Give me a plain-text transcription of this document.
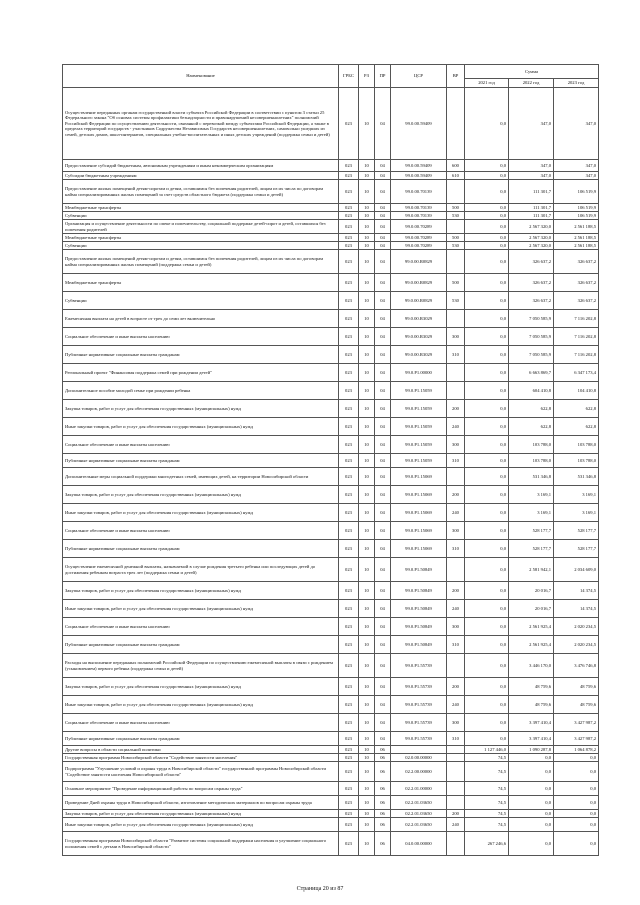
Наименование	ГРБС	РЗ	ПР	ЦСР	ВР	Сумма		
						2021 год	2022 год	2023 год
Осуществление переданных органам государственной власти субъекта Российской Федерации в соответствии с пунктом 3 статьи 25 Федерального закона "Об основах системы профилактики безнадзорности и правонарушений несовершеннолетних" полномочий Российской Федерации по осуществлению деятельности, связанной с перевозкой между субъектами Российской Федерации, а также в пределах территорий государств - участников Содружества Независимых Государств несовершеннолетних, самовольно ушедших из семей, детских домов, школ-интернатов, специальных учебно-воспитательных и иных детских учреждений (поддержка семьи и детей)	023	10	04	99.0.00.59409		0,0	347,0	347,0
Предоставление субсидий бюджетным, автономным учреждениям и иным некоммерческим организациям	023	10	04	99.0.00.59409	600	0,0	347,0	347,0
Субсидии бюджетным учреждениям	023	10	04	99.0.00.59409	610	0,0	347,0	347,0
Предоставление жилых помещений детям-сиротам и детям, оставшимся без попечения родителей, лицам из их числа по договорам найма специализированных жилых помещений за счет средств областного бюджета (поддержка семьи и детей)	023	10	04	99.0.00.70139		0,0	111 301,7	106 519,9
Межбюджетные трансферты	023	10	04	99.0.00.70139	500	0,0	111 301,7	106 519,9
Субвенции	023	10	04	99.0.00.70139	530	0,0	111 301,7	106 519,9
Организация и осуществление деятельности по опеке и попечительству, социальной поддержке детей-сирот и детей, оставшихся без попечения родителей	023	10	04	99.0.00.70289		0,0	2 567 320,0	2 561 188,5
Межбюджетные трансферты	023	10	04	99.0.00.70289	500	0,0	2 567 320,0	2 561 188,5
Субвенции	023	10	04	99.0.00.70289	530	0,0	2 567 320,0	2 561 188,5
Предоставление жилых помещений детям-сиротам и детям, оставшимся без попечения родителей, лицам из их числа по договорам найма специализированных жилых помещений (поддержка семьи и детей)	023	10	04	99.0.00.R0829		0,0	326 637,2	326 637,2
Межбюджетные трансферты	023	10	04	99.0.00.R0829	500	0,0	326 637,2	326 637,2
Субвенции	023	10	04	99.0.00.R0829	530	0,0	326 637,2	326 637,2
Ежемесячная выплата на детей в возрасте от трех до семи лет включительно	023	10	04	99.0.00.R3029		0,0	7 050 585,9	7 116 202,8
Социальное обеспечение и иные выплаты населению	023	10	04	99.0.00.R3029	300	0,0	7 050 585,9	7 116 202,8
Публичные нормативные социальные выплаты гражданам	023	10	04	99.0.00.R3029	310	0,0	7 050 585,9	7 116 202,8
Региональный проект "Финансовая поддержка семей при рождении детей"	023	10	04	99.0.P1.00000		0,0	6 663 869,7	6 347 173,4
Дополнительное пособие молодой семье при рождении ребенка	023	10	04	99.0.P1.15059		0,0	604 410,8	104 410,8
Закупка товаров, работ и услуг для обеспечения государственных (муниципальных) нужд	023	10	04	99.0.P1.15059	200	0,0	622,8	622,8
Иные закупки товаров, работ и услуг для обеспечения государственных (муниципальных) нужд	023	10	04	99.0.P1.15059	240	0,0	622,8	622,8
Социальное обеспечение и иные выплаты населению	023	10	04	99.0.P1.15059	300	0,0	103 788,0	103 788,0
Публичные нормативные социальные выплаты гражданам	023	10	04	99.0.P1.15059	310	0,0	103 788,0	103 788,0
Дополнительные меры социальной поддержки многодетных семей, имеющих детей, на территории Новосибирской области	023	10	04	99.0.P1.15069		0,0	531 346,8	531 346,8
Закупка товаров, работ и услуг для обеспечения государственных (муниципальных) нужд	023	10	04	99.0.P1.15069	200	0,0	3 169,1	3 169,1
Иные закупки товаров, работ и услуг для обеспечения государственных (муниципальных) нужд	023	10	04	99.0.P1.15069	240	0,0	3 169,1	3 169,1
Социальное обеспечение и иные выплаты населению	023	10	04	99.0.P1.15069	300	0,0	528 177,7	528 177,7
Публичные нормативные социальные выплаты гражданам	023	10	04	99.0.P1.15069	310	0,0	528 177,7	528 177,7
Осуществление ежемесячной денежной выплаты, назначаемой в случае рождения третьего ребенка или последующих детей до достижения ребенком возраста трех лет (поддержка семьи и детей)	023	10	04	99.0.P1.50849		0,0	2 581 942,1	2 034 609,0
Закупка товаров, работ и услуг для обеспечения государственных (муниципальных) нужд	023	10	04	99.0.P1.50849	200	0,0	20 016,7	14 374,5
Иные закупки товаров, работ и услуг для обеспечения государственных (муниципальных) нужд	023	10	04	99.0.P1.50849	240	0,0	20 016,7	14 374,5
Социальное обеспечение и иные выплаты населению	023	10	04	99.0.P1.50849	300	0,0	2 561 925,4	2 020 234,5
Публичные нормативные социальные выплаты гражданам	023	10	04	99.0.P1.50849	310	0,0	2 561 925,4	2 020 234,5
Расходы на выполнение переданных полномочий Российской Федерации по осуществлению ежемесячной выплаты в связи с рождением (усыновлением) первого ребенка (поддержка семьи и детей)	023	10	04	99.0.P1.55739		0,0	3 446 170,0	3 476 746,8
Закупка товаров, работ и услуг для обеспечения государственных (муниципальных) нужд	023	10	04	99.0.P1.55739	200	0,0	48 759,6	48 759,6
Иные закупки товаров, работ и услуг для обеспечения государственных (муниципальных) нужд	023	10	04	99.0.P1.55739	240	0,0	48 759,6	48 759,6
Социальное обеспечение и иные выплаты населению	023	10	04	99.0.P1.55739	300	0,0	3 397 410,4	3 427 987,2
Публичные нормативные социальные выплаты гражданам	023	10	04	99.0.P1.55739	310	0,0	3 397 410,4	3 427 987,2
Другие вопросы в области социальной политики	023	10	06			1 127 446,0	1 090 287,8	1 064 878,2
Государственная программа Новосибирской области "Содействие занятости населения"	023	10	06	02.0.00.00000		74,5	0,0	0,0
Подпрограмма "Улучшение условий и охраны труда в Новосибирской области" государственной программы Новосибирской области "Содействие занятости населения Новосибирской области"	023	10	06	02.2.00.00000		74,5	0,0	0,0
Основное мероприятие "Проведение информационной работы по вопросам охраны труда"	023	10	06	02.2.01.00000		74,5	0,0	0,0
Проведение Дней охраны труда в Новосибирской области, изготовление методических материалов по вопросам охраны труда	023	10	06	02.2.01.03650		74,5	0,0	0,0
Закупка товаров, работ и услуг для обеспечения государственных (муниципальных) нужд	023	10	06	02.2.01.03650	200	74,5	0,0	0,0
Иные закупки товаров, работ и услуг для обеспечения государственных (муниципальных) нужд	023	10	06	02.2.01.03650	240	74,5	0,0	0,0
Государственная программа Новосибирской области "Развитие системы социальной поддержки населения и улучшение социального положения семей с детьми в Новосибирской области"	023	10	06	04.0.00.00000		267 246,6	0,0	0,0
Страница 20 из 87
